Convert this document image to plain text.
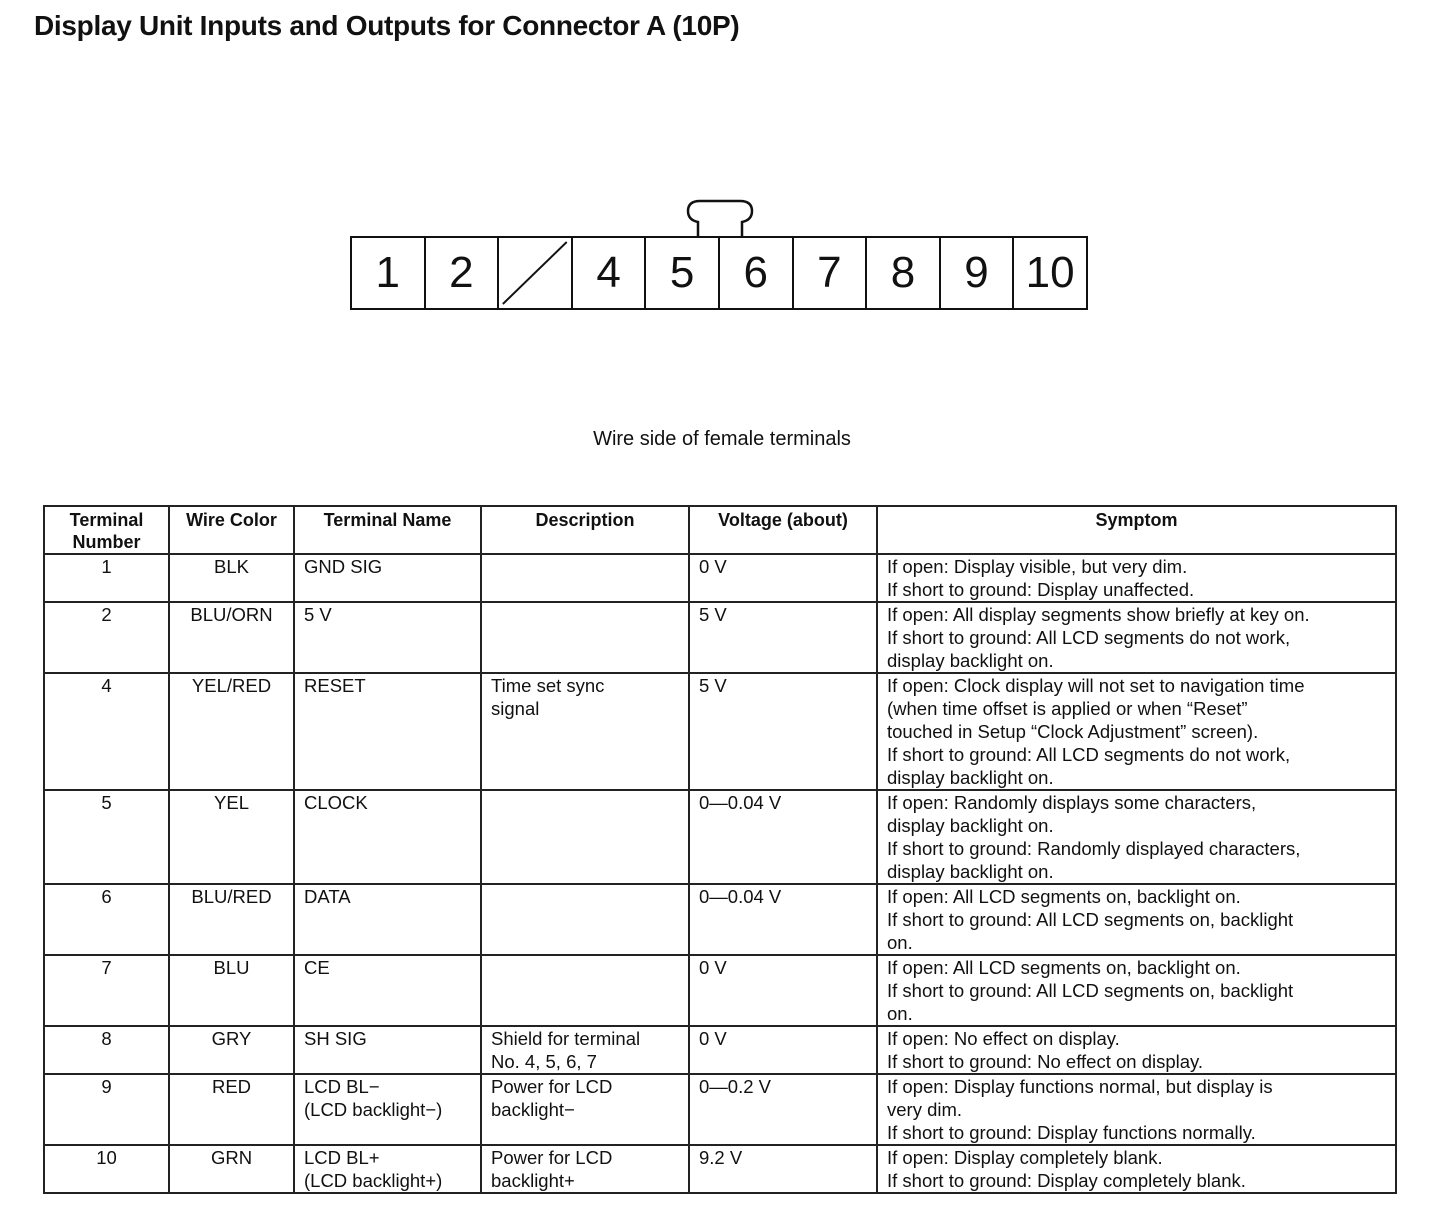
Display Unit Inputs and Outputs for Connector A (10P)
1	2	4	5	6	7	8	9 10
Wire side of female terminals
Terminal
Number	Wire Color	Terminal Name	Description	Voltage (about)	Symptom
1	BLK	GND SIG		0 V	If open: Display visible, but very dim.
If short to ground: Display unaffected.
2	BLU/ORN	5 V		5 V	If open: All display segments show briefly at key on.
If short to ground: All LCD segments do not work,
display backlight on.
4	YEL/RED	RESET	Time set sync
signal	5 V	If open: Clock display will not set to navigation time
(when time offset is applied or when “Reset”
touched in Setup “Clock Adjustment” screen).
If short to ground: All LCD segments do not work,
display backlight on.
5	YEL	CLOCK		0—0.04 V	If open: Randomly displays some characters,
display backlight on.
If short to ground: Randomly displayed characters,
display backlight on.
6	BLU/RED	DATA		0—0.04 V	If open: All LCD segments on, backlight on.
If short to ground: All LCD segments on, backlight
on.
7	BLU	CE		0 V	If open: All LCD segments on, backlight on.
If short to ground: All LCD segments on, backlight
on.
8	GRY	SH SIG	Shield for terminal
No. 4, 5, 6, 7	0 V	If open: No effect on display.
If short to ground: No effect on display.
9	RED	LCD BL−
(LCD backlight−)	Power for LCD
backlight−	0—0.2 V	If open: Display functions normal, but display is
very dim.
If short to ground: Display functions normally.
10	GRN	LCD BL+
(LCD backlight+)	Power for LCD
backlight+	9.2 V	If open: Display completely blank.
If short to ground: Display completely blank.
